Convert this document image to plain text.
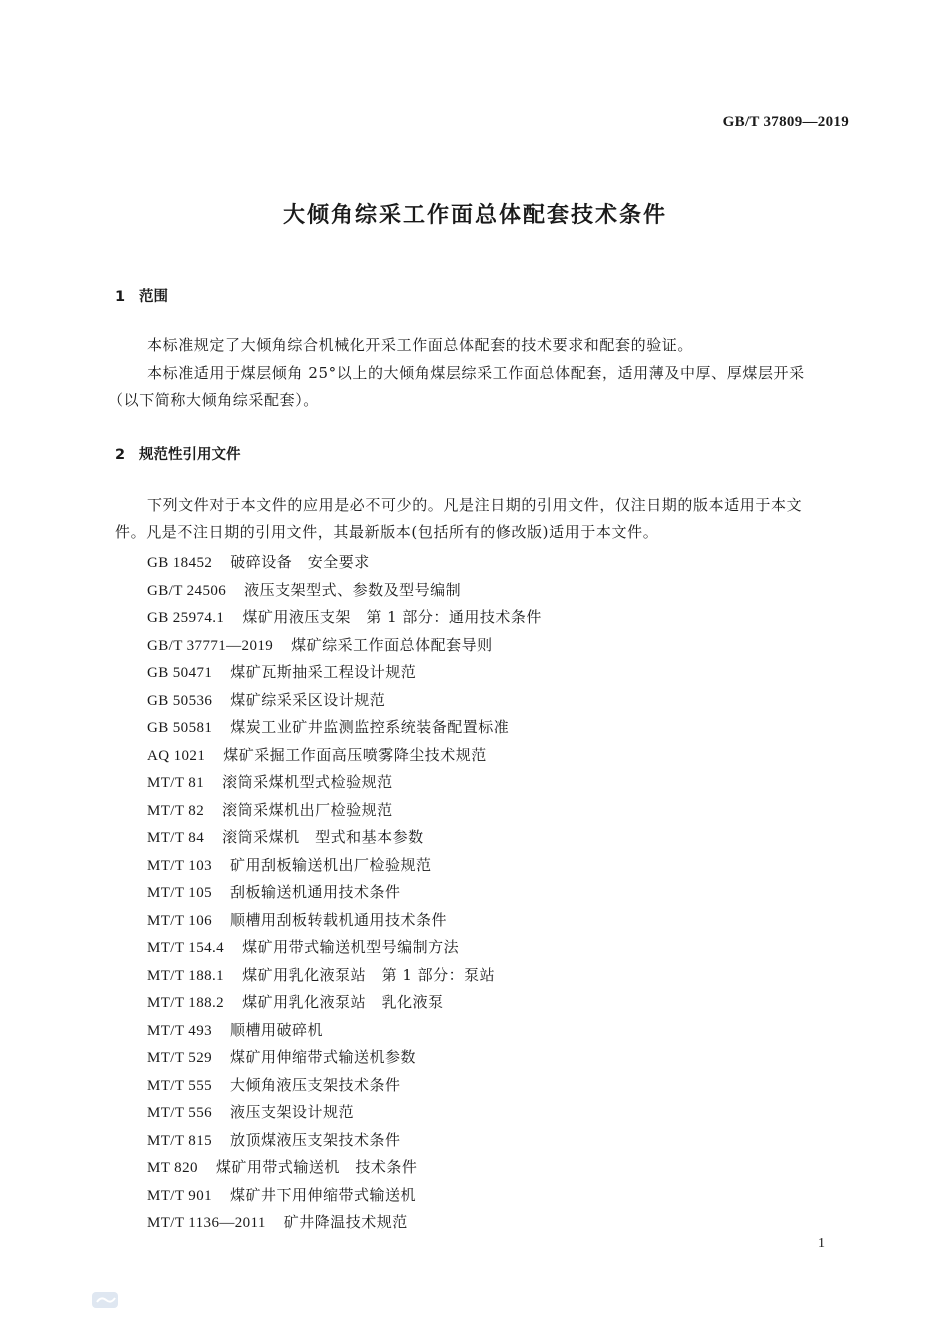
GB/T 37809—2019
大倾角综采工作面总体配套技术条件
1 范围
本标准规定了大倾角综合机械化开采工作面总体配套的技术要求和配套的验证。
本标准适用于煤层倾角 25°以上的大倾角煤层综采工作面总体配套，适用薄及中厚、厚煤层开采
（以下简称大倾角综采配套）。
2 规范性引用文件
下列文件对于本文件的应用是必不可少的。凡是注日期的引用文件，仅注日期的版本适用于本文
件。凡是不注日期的引用文件，其最新版本(包括所有的修改版)适用于本文件。
GB 18452 破碎设备　安全要求
GB/T 24506 液压支架型式、参数及型号编制
GB 25974.1 煤矿用液压支架　第 1 部分：通用技术条件
GB/T 37771—2019 煤矿综采工作面总体配套导则
GB 50471 煤矿瓦斯抽采工程设计规范
GB 50536 煤矿综采采区设计规范
GB 50581 煤炭工业矿井监测监控系统装备配置标准
AQ 1021 煤矿采掘工作面高压喷雾降尘技术规范
MT/T 81 滚筒采煤机型式检验规范
MT/T 82 滚筒采煤机出厂检验规范
MT/T 84 滚筒采煤机　型式和基本参数
MT/T 103 矿用刮板输送机出厂检验规范
MT/T 105 刮板输送机通用技术条件
MT/T 106 顺槽用刮板转载机通用技术条件
MT/T 154.4 煤矿用带式输送机型号编制方法
MT/T 188.1 煤矿用乳化液泵站　第 1 部分：泵站
MT/T 188.2 煤矿用乳化液泵站　乳化液泵
MT/T 493 顺槽用破碎机
MT/T 529 煤矿用伸缩带式输送机参数
MT/T 555 大倾角液压支架技术条件
MT/T 556 液压支架设计规范
MT/T 815 放顶煤液压支架技术条件
MT 820 煤矿用带式输送机　技术条件
MT/T 901 煤矿井下用伸缩带式输送机
MT/T 1136—2011 矿井降温技术规范
1
